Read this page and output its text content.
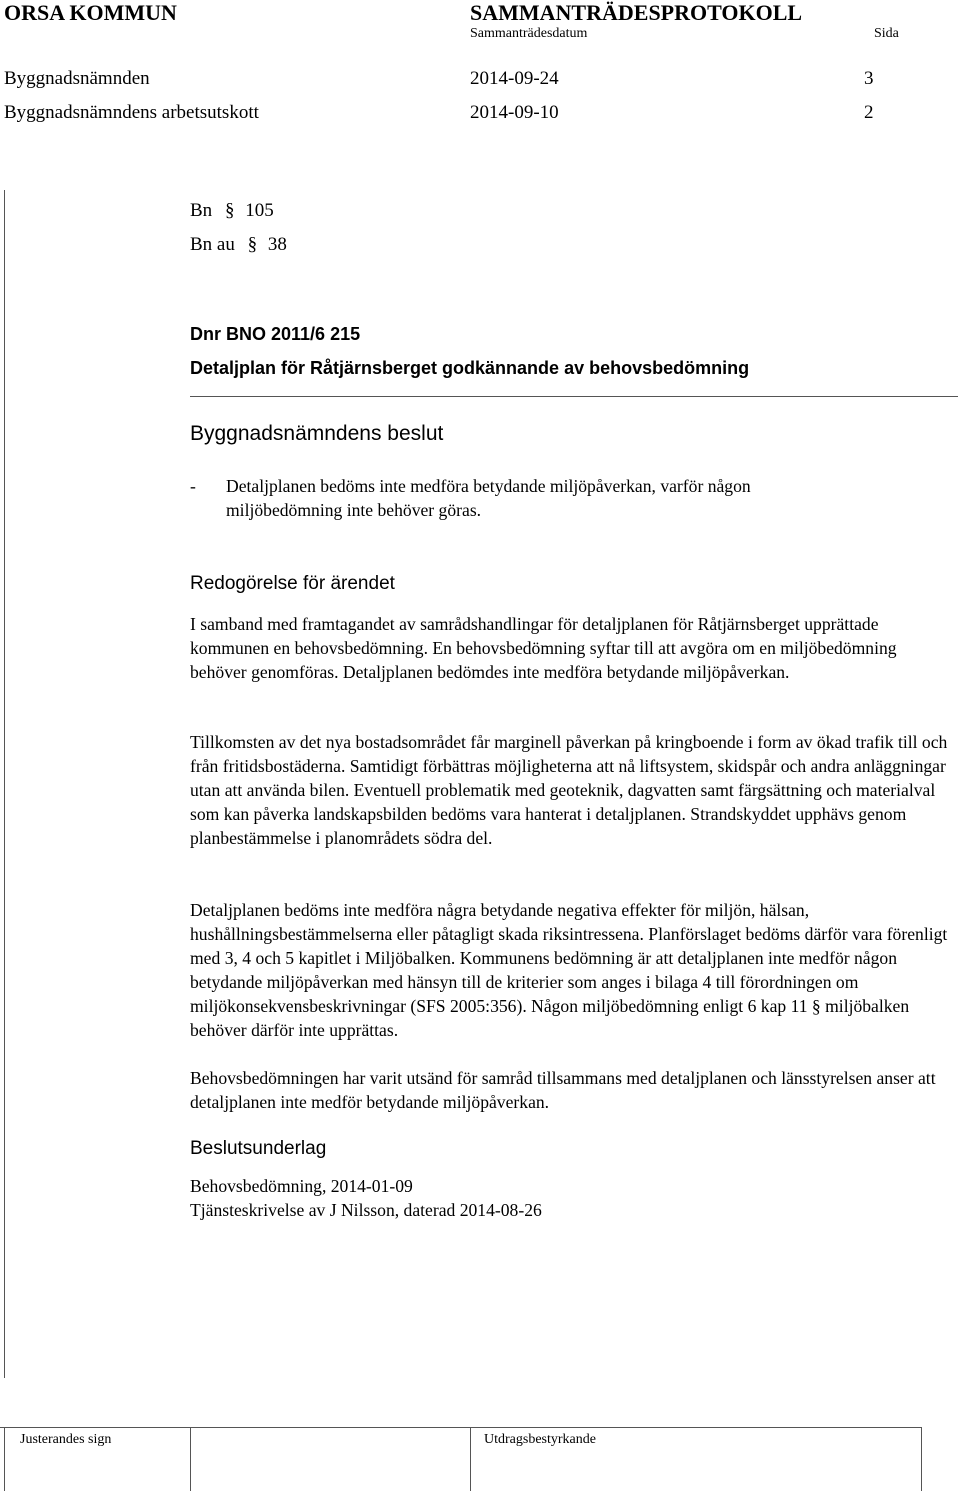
ORSA KOMMUN	SAMMANTRÄDESPROTOKOLL
Sammanträdesdatum	Sida
Byggnadsnämnden	2014-09-24	3
Byggnadsnämndens arbetsutskott	2014-09-10	2
Bn § 105
Bn au § 38
Dnr BNO 2011/6 215
Detaljplan för Råtjärnsberget godkännande av behovsbedömning
Byggnadsnämndens beslut
- Detaljplanen bedöms inte medföra betydande miljöpåverkan, varför någon miljöbedömning inte behöver göras.
Redogörelse för ärendet
I samband med framtagandet av samrådshandlingar för detaljplanen för Råtjärnsberget upprättade kommunen en behovsbedömning. En behovsbedömning syftar till att avgöra om en miljöbedömning behöver genomföras. Detaljplanen bedömdes inte medföra betydande miljöpåverkan.
Tillkomsten av det nya bostadsområdet får marginell påverkan på kringboende i form av ökad trafik till och från fritidsbostäderna. Samtidigt förbättras möjligheterna att nå liftsystem, skidspår och andra anläggningar utan att använda bilen. Eventuell problematik med geoteknik, dagvatten samt färgsättning och materialval som kan påverka landskapsbilden bedöms vara hanterat i detaljplanen. Strandskyddet upphävs genom planbestämmelse i planområdets södra del.
Detaljplanen bedöms inte medföra några betydande negativa effekter för miljön, hälsan, hushållningsbestämmelserna eller påtagligt skada riksintressena. Planförslaget bedöms därför vara förenligt med 3, 4 och 5 kapitlet i Miljöbalken. Kommunens bedömning är att detaljplanen inte medför någon betydande miljöpåverkan med hänsyn till de kriterier som anges i bilaga 4 till förordningen om miljökonsekvensbeskrivningar (SFS 2005:356). Någon miljöbedömning enligt 6 kap 11 § miljöbalken behöver därför inte upprättas.
Behovsbedömningen har varit utsänd för samråd tillsammans med detaljplanen och länsstyrelsen anser att detaljplanen inte medför betydande miljöpåverkan.
Beslutsunderlag
Behovsbedömning, 2014-01-09
Tjänsteskrivelse av J Nilsson, daterad 2014-08-26
Justerandes sign	Utdragsbestyrkande
